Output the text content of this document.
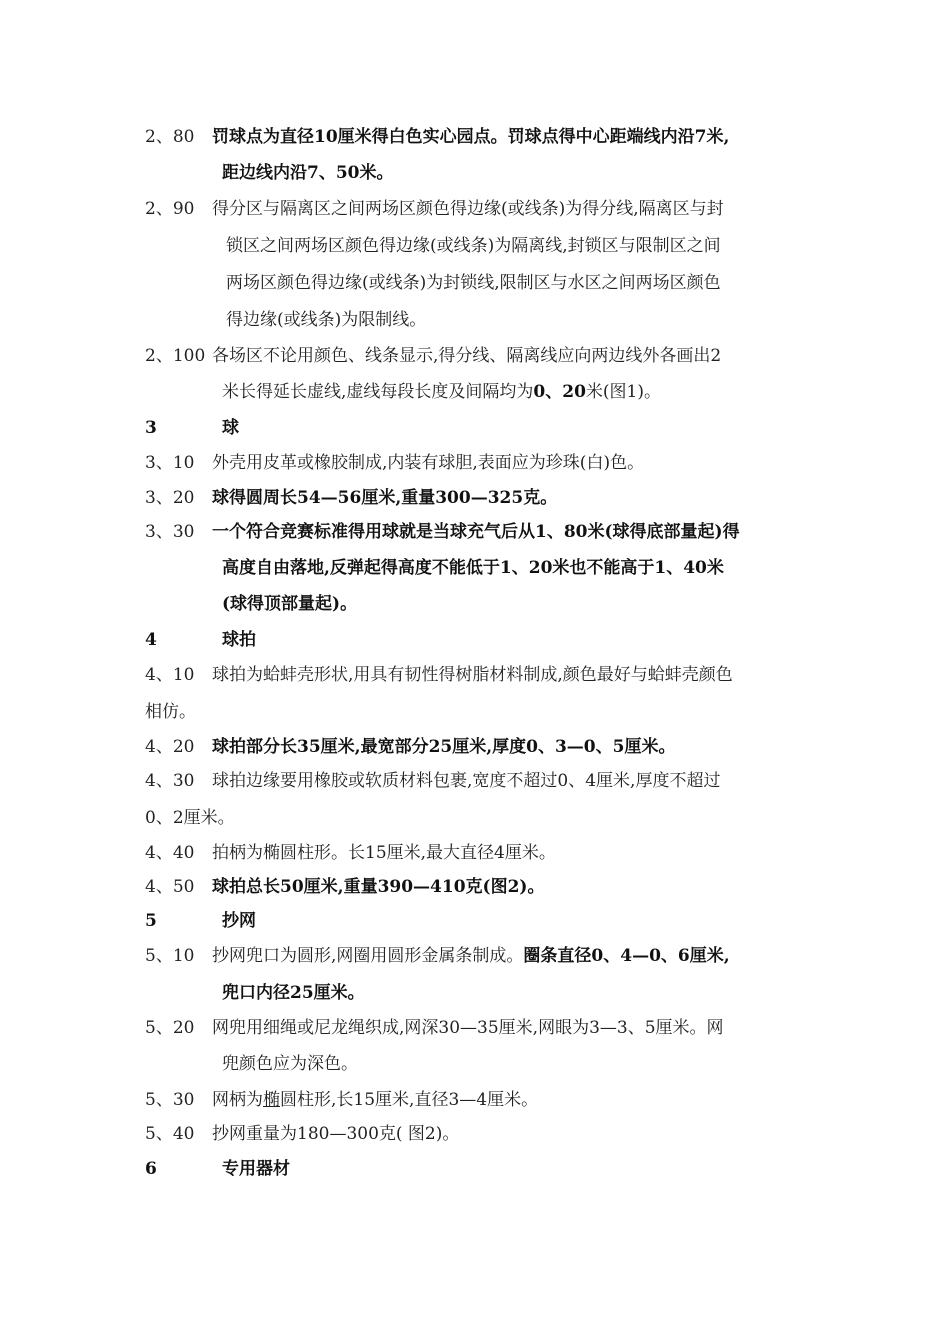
2、80 罚球点为直径10厘米得白色实心园点。罚球点得中心距端线内沿7米,
距边线内沿7、50米。
2、90 得分区与隔离区之间两场区颜色得边缘(或线条)为得分线,隔离区与封
锁区之间两场区颜色得边缘(或线条)为隔离线,封锁区与限制区之间
两场区颜色得边缘(或线条)为封锁线,限制区与水区之间两场区颜色
得边缘(或线条)为限制线。
2、100 各场区不论用颜色、线条显示,得分线、隔离线应向两边线外各画出2
米长得延长虚线,虚线每段长度及间隔均为0、20米(图1)。
3	球
3、10 外壳用皮革或橡胶制成,内装有球胆,表面应为珍珠(白)色。
3、20 球得圆周长54—56厘米,重量300—325克。
3、30 一个符合竞赛标准得用球就是当球充气后从1、80米(球得底部量起)得
高度自由落地,反弹起得高度不能低于1、20米也不能高于1、40米
(球得顶部量起)。
4	球拍
4、10 球拍为蛤蚌壳形状,用具有韧性得树脂材料制成,颜色最好与蛤蚌壳颜色
相仿。
4、20 球拍部分长35厘米,最宽部分25厘米,厚度0、3—0、5厘米。
4、30 球拍边缘要用橡胶或软质材料包裹,宽度不超过0、4厘米,厚度不超过
0、2厘米。
4、40 拍柄为椭圆柱形。长15厘米,最大直径4厘米。
4、50 球拍总长50厘米,重量390—410克(图2)。
5	抄网
5、10 抄网兜口为圆形,网圈用圆形金属条制成。圈条直径0、4—0、6厘米,
兜口内径25厘米。
5、20 网兜用细绳或尼龙绳织成,网深30—35厘米,网眼为3—3、5厘米。网
兜颜色应为深色。
5、30 网柄为椭圆柱形,长15厘米,直径3—4厘米。
5、40 抄网重量为180—300克( 图2)。
6	专用器材
